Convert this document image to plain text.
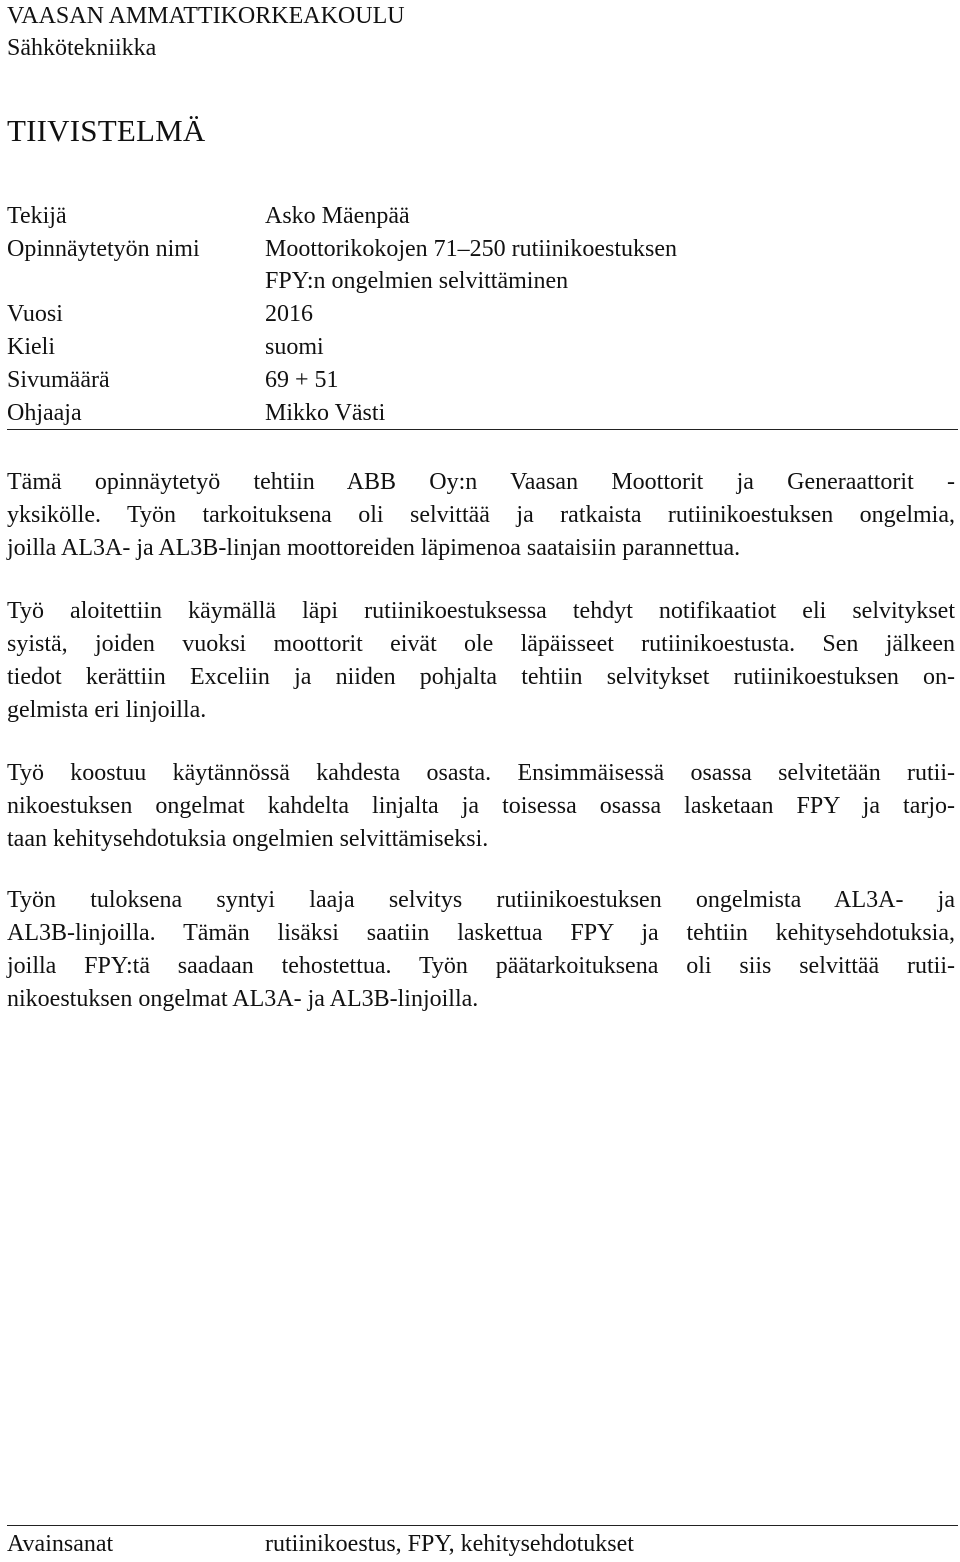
VAASAN AMMATTIKORKEAKOULU
Sähkötekniikka
TIIVISTELMÄ
Tekijä	Asko Mäenpää
Opinnäytetyön nimi	Moottorikokojen 71–250 rutiinikoestuksen
FPY:n ongelmien selvittäminen
Vuosi	2016
Kieli	suomi
Sivumäärä	69 + 51
Ohjaaja	Mikko Västi
Tämä opinnäytetyö tehtiin ABB Oy:n Vaasan Moottorit ja Generaattorit -
yksikölle. Työn tarkoituksena oli selvittää ja ratkaista rutiinikoestuksen ongelmia,
joilla AL3A- ja AL3B-linjan moottoreiden läpimenoa saataisiin parannettua.
Työ aloitettiin käymällä läpi rutiinikoestuksessa tehdyt notifikaatiot eli selvitykset
syistä, joiden vuoksi moottorit eivät ole läpäisseet rutiinikoestusta. Sen jälkeen
tiedot kerättiin Exceliin ja niiden pohjalta tehtiin selvitykset rutiinikoestuksen on-
gelmista eri linjoilla.
Työ koostuu käytännössä kahdesta osasta. Ensimmäisessä osassa selvitetään rutii-
nikoestuksen ongelmat kahdelta linjalta ja toisessa osassa lasketaan FPY ja tarjo-
taan kehitysehdotuksia ongelmien selvittämiseksi.
Työn tuloksena syntyi laaja selvitys rutiinikoestuksen ongelmista AL3A- ja
AL3B-linjoilla. Tämän lisäksi saatiin laskettua FPY ja tehtiin kehitysehdotuksia,
joilla FPY:tä saadaan tehostettua. Työn päätarkoituksena oli siis selvittää rutii-
nikoestuksen ongelmat AL3A- ja AL3B-linjoilla.
Avainsanat	rutiinikoestus, FPY, kehitysehdotukset
